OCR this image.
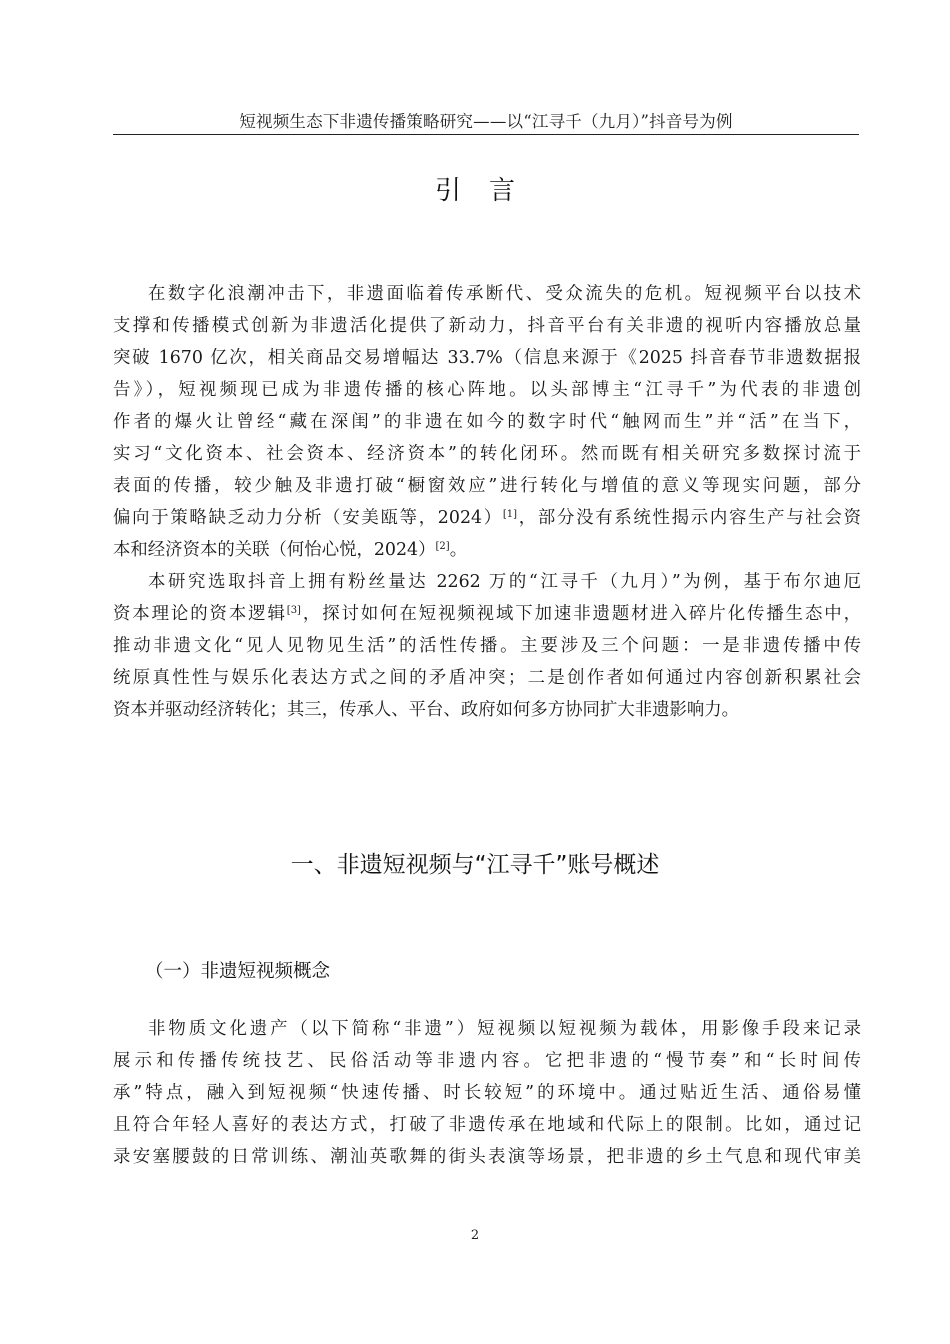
短视频生态下非遗传播策略研究——以“江寻千（九月）”抖音号为例
引言
在数字化浪潮冲击下，非遗面临着传承断代、受众流失的危机。短视频平台以技术
支撑和传播模式创新为非遗活化提供了新动力，抖音平台有关非遗的视听内容播放总量
突破 1670 亿次，相关商品交易增幅达 33.7%（信息来源于《2025 抖音春节非遗数据报
告》），短视频现已成为非遗传播的核心阵地。以头部博主“江寻千”为代表的非遗创
作者的爆火让曾经“藏在深闺”的非遗在如今的数字时代“触网而生”并“活”在当下，
实习“文化资本、社会资本、经济资本”的转化闭环。然而既有相关研究多数探讨流于
表面的传播，较少触及非遗打破“橱窗效应”进行转化与增值的意义等现实问题，部分
偏向于策略缺乏动力分析（安美瓯等，2024）[1]，部分没有系统性揭示内容生产与社会资
本和经济资本的关联（何怡心悦，2024）[2]。
本研究选取抖音上拥有粉丝量达 2262 万的“江寻千（九月）”为例，基于布尔迪厄
资本理论的资本逻辑[3]，探讨如何在短视频视域下加速非遗题材进入碎片化传播生态中，
推动非遗文化“见人见物见生活”的活性传播。主要涉及三个问题：一是非遗传播中传
统原真性性与娱乐化表达方式之间的矛盾冲突；二是创作者如何通过内容创新积累社会
资本并驱动经济转化；其三，传承人、平台、政府如何多方协同扩大非遗影响力。
一、非遗短视频与“江寻千”账号概述
（一）非遗短视频概念
非物质文化遗产（以下简称“非遗”）短视频以短视频为载体，用影像手段来记录
展示和传播传统技艺、民俗活动等非遗内容。它把非遗的“慢节奏”和“长时间传
承”特点，融入到短视频“快速传播、时长较短”的环境中。通过贴近生活、通俗易懂
且符合年轻人喜好的表达方式，打破了非遗传承在地域和代际上的限制。比如，通过记
录安塞腰鼓的日常训练、潮汕英歌舞的街头表演等场景，把非遗的乡土气息和现代审美
2
